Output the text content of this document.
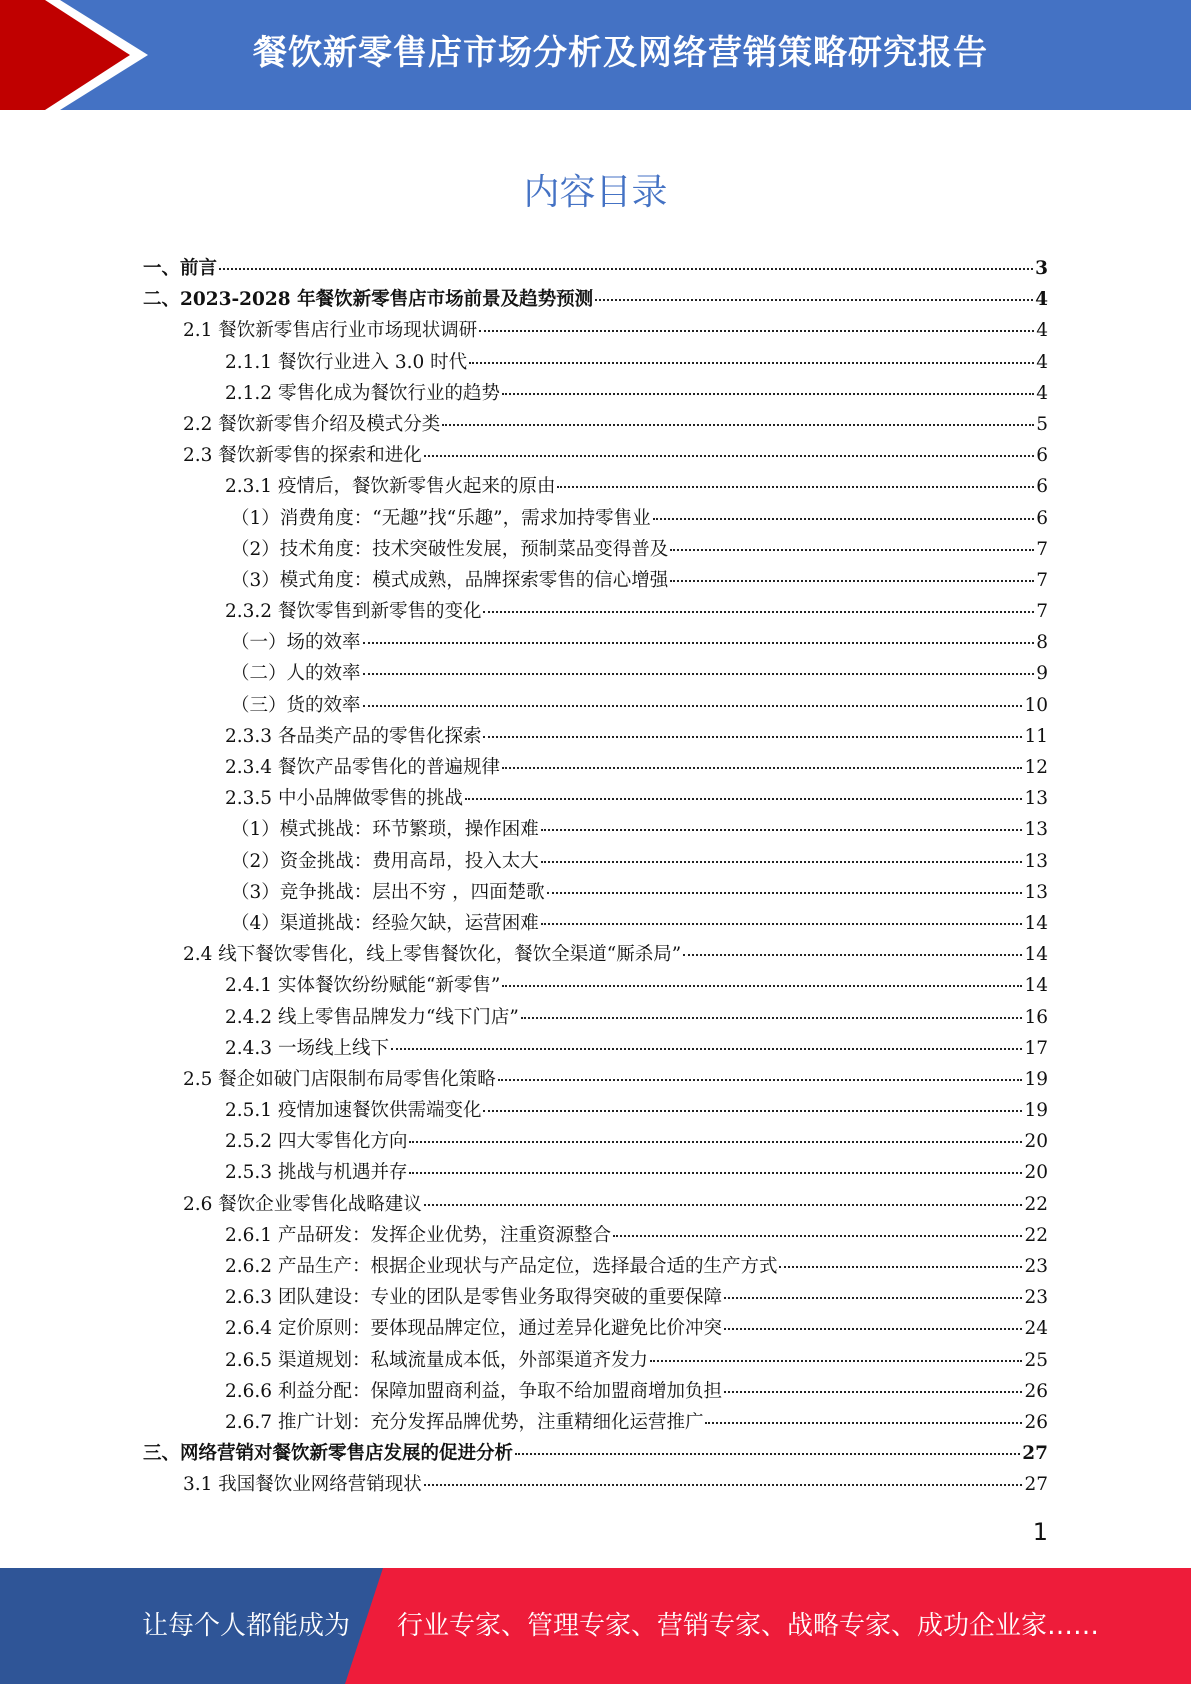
餐饮新零售店市场分析及网络营销策略研究报告
内容目录
一、前言	3
二、2023-2028 年餐饮新零售店市场前景及趋势预测	4
2.1 餐饮新零售店行业市场现状调研	4
2.1.1 餐饮行业进入 3.0 时代	4
2.1.2 零售化成为餐饮行业的趋势	4
2.2 餐饮新零售介绍及模式分类	5
2.3 餐饮新零售的探索和进化	6
2.3.1 疫情后，餐饮新零售火起来的原由	6
（1）消费角度：“无趣”找“乐趣”，需求加持零售业	6
（2）技术角度：技术突破性发展，预制菜品变得普及	7
（3）模式角度：模式成熟，品牌探索零售的信心增强	7
2.3.2 餐饮零售到新零售的变化	7
（一）场的效率	8
（二）人的效率	9
（三）货的效率	10
2.3.3 各品类产品的零售化探索	11
2.3.4 餐饮产品零售化的普遍规律	12
2.3.5 中小品牌做零售的挑战	13
（1）模式挑战：环节繁琐，操作困难	13
（2）资金挑战：费用高昂，投入太大	13
（3）竞争挑战：层出不穷 ，四面楚歌	13
（4）渠道挑战：经验欠缺，运营困难	14
2.4 线下餐饮零售化，线上零售餐饮化，餐饮全渠道“厮杀局”	14
2.4.1 实体餐饮纷纷赋能“新零售”	14
2.4.2 线上零售品牌发力“线下门店”	16
2.4.3 一场线上线下	17
2.5 餐企如破门店限制布局零售化策略	19
2.5.1 疫情加速餐饮供需端变化	19
2.5.2 四大零售化方向	20
2.5.3 挑战与机遇并存	20
2.6 餐饮企业零售化战略建议	22
2.6.1 产品研发：发挥企业优势，注重资源整合	22
2.6.2 产品生产：根据企业现状与产品定位，选择最合适的生产方式	23
2.6.3 团队建设：专业的团队是零售业务取得突破的重要保障	23
2.6.4 定价原则：要体现品牌定位，通过差异化避免比价冲突	24
2.6.5 渠道规划：私域流量成本低，外部渠道齐发力	25
2.6.6 利益分配：保障加盟商利益，争取不给加盟商增加负担	26
2.6.7 推广计划：充分发挥品牌优势，注重精细化运营推广	26
三、网络营销对餐饮新零售店发展的促进分析	27
3.1 我国餐饮业网络营销现状	27
1
让每个人都能成为 行业专家、管理专家、营销专家、战略专家、成功企业家……
